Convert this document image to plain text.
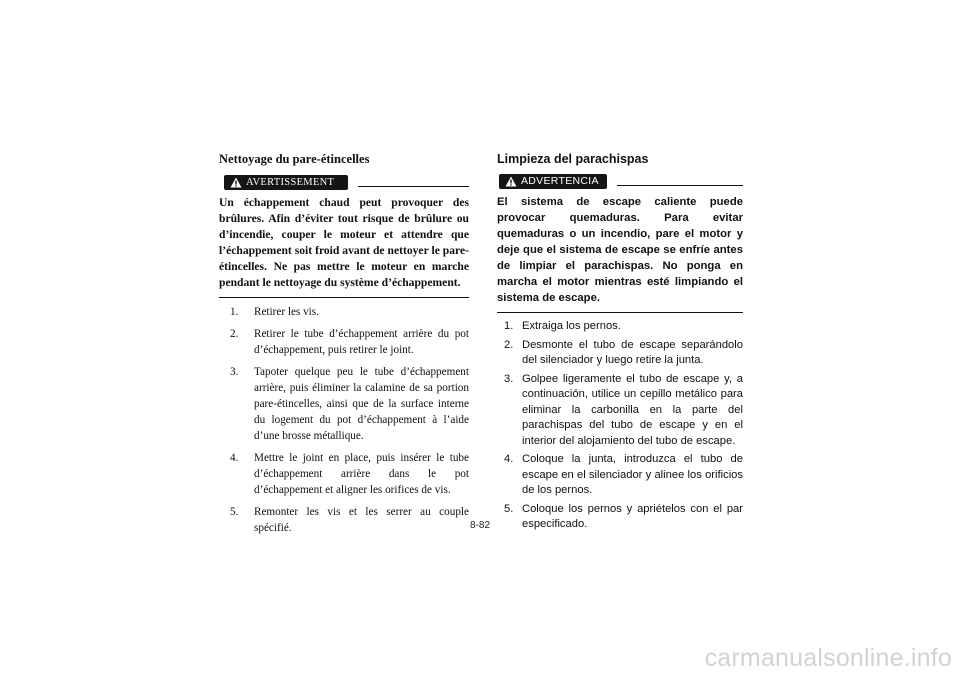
Nettoyage du pare-étincelles
AVERTISSEMENT

Un échappement chaud peut provoquer des brûlures. Afin d’éviter tout risque de brûlure ou d’incendie, couper le moteur et attendre que l’échappement soit froid avant de nettoyer le pare-étincelles. Ne pas mettre le moteur en marche pendant le nettoyage du système d’échappement.

1.	Retirer les vis.
2.	Retirer le tube d’échappement arrière du pot d’échappement, puis retirer le joint.
3.	Tapoter quelque peu le tube d’échappement arrière, puis éliminer la calamine de sa portion pare-étincelles, ainsi que de la surface interne du logement du pot d’échappement à l’aide d’une brosse métallique.
4.	Mettre le joint en place, puis insérer le tube d’échappement arrière dans le pot d’échappement et aligner les orifices de vis.
5.	Remonter les vis et les serrer au couple spécifié.
Limpieza del parachispas
ADVERTENCIA

El sistema de escape caliente puede provocar quemaduras. Para evitar quemaduras o un incendio, pare el motor y deje que el sistema de escape se enfríe antes de limpiar el parachispas. No ponga en marcha el motor mientras esté limpiando el sistema de escape.

1. Extraiga los pernos.
2. Desmonte el tubo de escape separándolo del silenciador y luego retire la junta.
3. Golpee ligeramente el tubo de escape y, a continuación, utilice un cepillo metálico para eliminar la carbonilla en la parte del parachispas del tubo de escape y en el interior del alojamiento del tubo de escape.
4. Coloque la junta, introduzca el tubo de escape en el silenciador y alinee los orificios de los pernos.
5. Coloque los pernos y apriételos con el par especificado.
8-82
carmanualsonline.info
